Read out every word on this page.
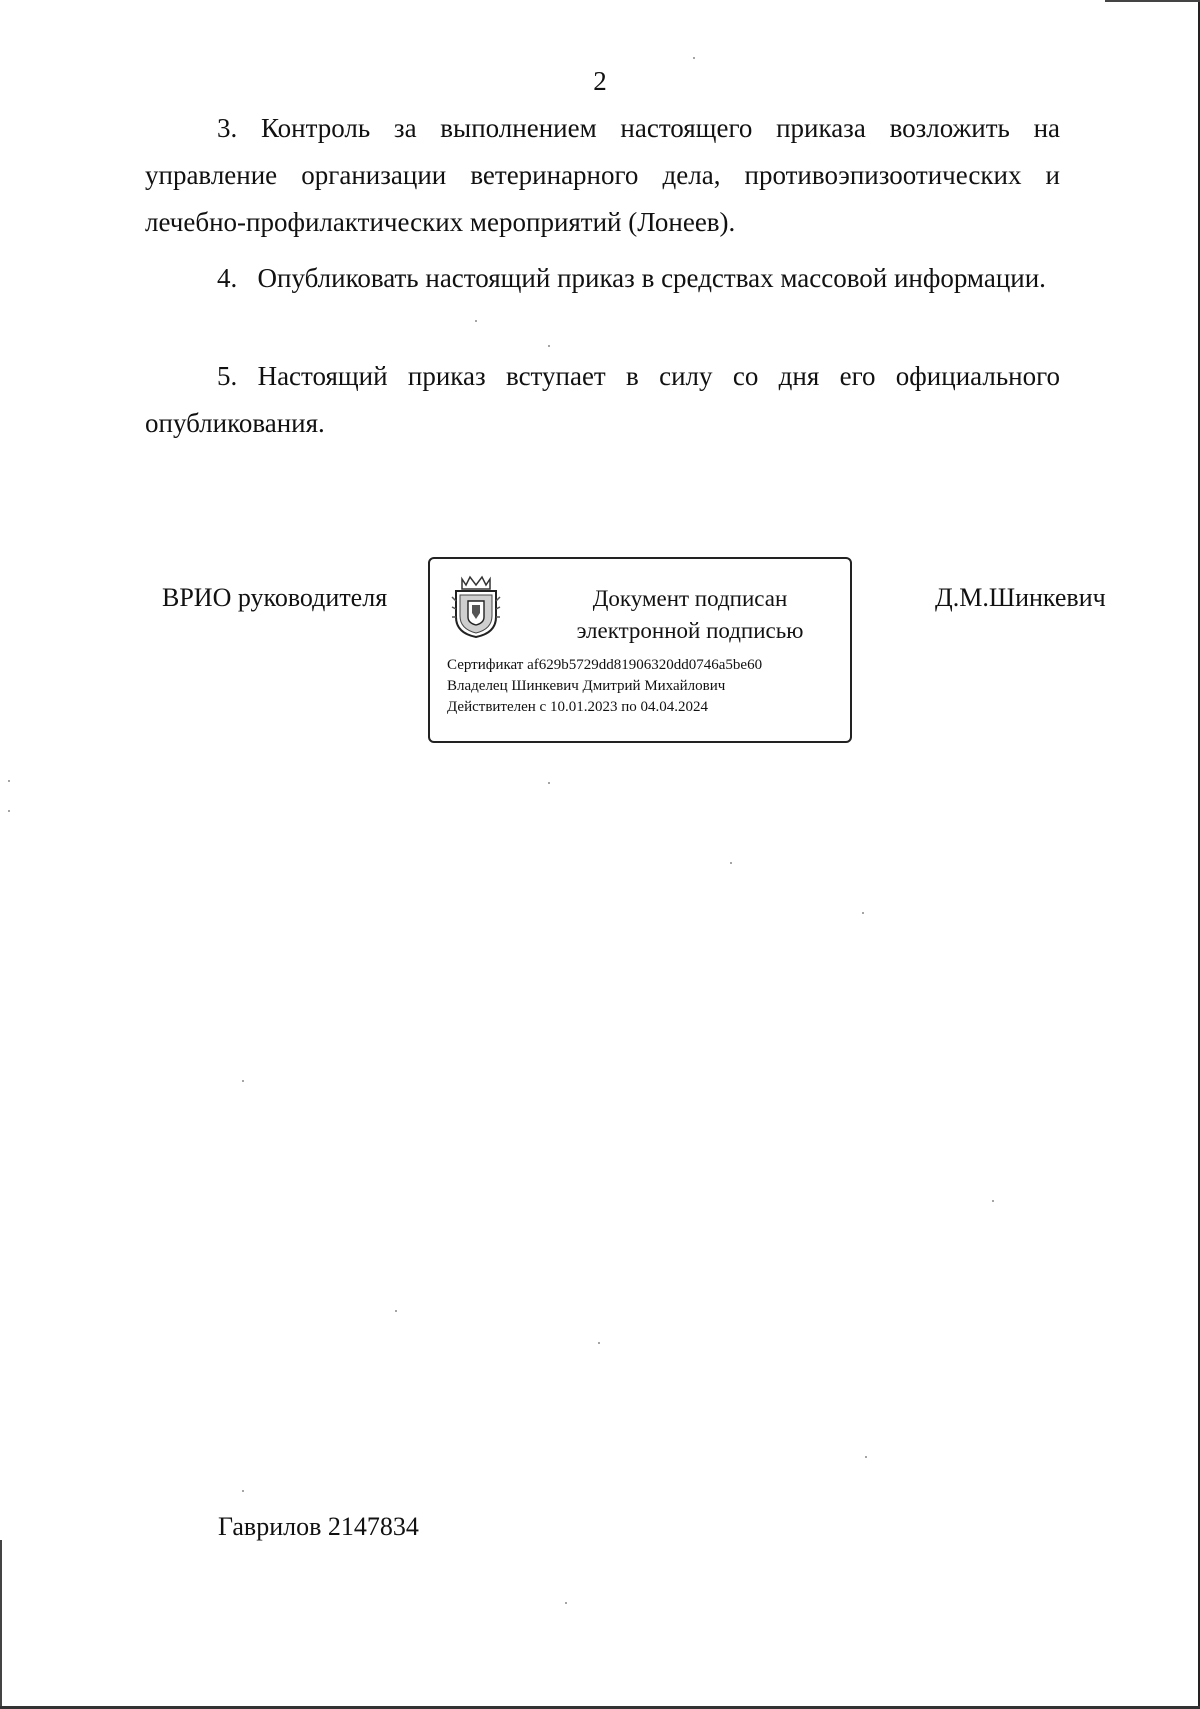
2
3. Контроль за выполнением настоящего приказа возложить на управление организации ветеринарного дела, противоэпизоотических и лечебно-профилактических мероприятий (Лонеев).
4. Опубликовать настоящий приказ в средствах массовой информации.
5. Настоящий приказ вступает в силу со дня его официального опубликования.
ВРИО руководителя	Документ подписан
электронной подписью
Сертификат af629b5729dd81906320dd0746a5be60
Владелец Шинкевич Дмитрий Михайлович
Действителен с 10.01.2023 по 04.04.2024
Д.М.Шинкевич
Гаврилов 2147834
